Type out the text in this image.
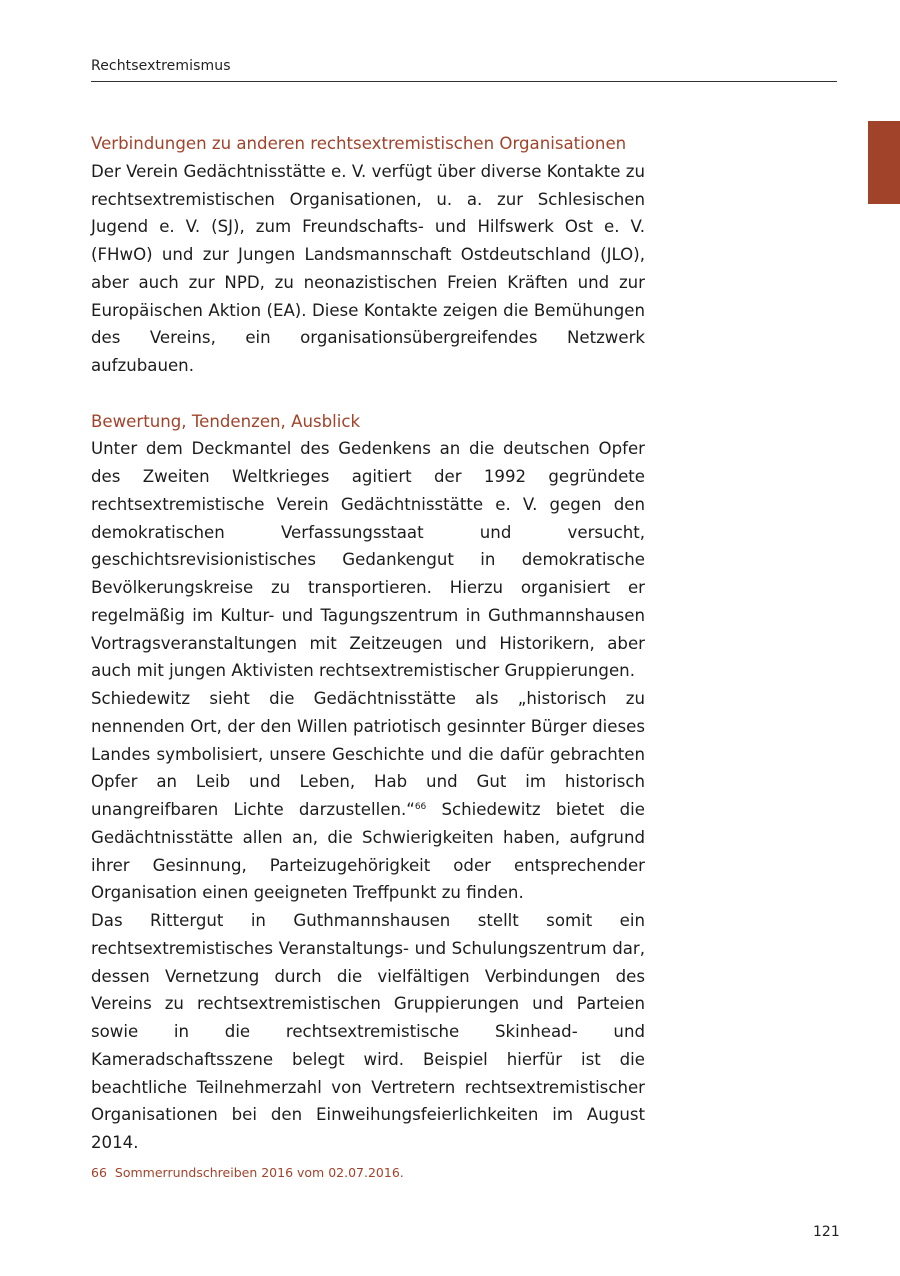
Rechtsextremismus
Verbindungen zu anderen rechtsextremistischen Organisationen

Der Verein Gedächtnisstätte e. V. verfügt über diverse Kontakte zu rechtsextremistischen Organisationen, u. a. zur Schlesischen Jugend e. V. (SJ), zum Freundschafts- und Hilfswerk Ost e. V. (FHwO) und zur Jungen Landsmannschaft Ostdeutschland (JLO), aber auch zur NPD, zu neonazistischen Freien Kräften und zur Europäischen Aktion (EA). Diese Kontakte zeigen die Bemühungen des Vereins, ein organisationsübergreifendes Netzwerk aufzubauen.

Bewertung, Tendenzen, Ausblick

Unter dem Deckmantel des Gedenkens an die deutschen Opfer des Zweiten Weltkrieges agitiert der 1992 gegründete rechtsextremistische Verein Gedächtnisstätte e. V. gegen den demokratischen Verfassungsstaat und versucht, geschichtsrevisionistisches Gedankengut in demokratische Bevölkerungskreise zu transportieren. Hierzu organisiert er regelmäßig im Kultur- und Tagungszentrum in Guthmannshausen Vortragsveranstaltungen mit Zeitzeugen und Historikern, aber auch mit jungen Aktivisten rechtsextremistischer Gruppierungen.

Schiedewitz sieht die Gedächtnisstätte als „historisch zu nennenden Ort, der den Willen patriotisch gesinnter Bürger dieses Landes symbolisiert, unsere Geschichte und die dafür gebrachten Opfer an Leib und Leben, Hab und Gut im historisch unangreifbaren Lichte darzustellen.“$^{66}$ Schiedewitz bietet die Gedächtnisstätte allen an, die Schwierigkeiten haben, aufgrund ihrer Gesinnung, Parteizugehörigkeit oder entsprechender Organisation einen geeigneten Treffpunkt zu finden.

Das Rittergut in Guthmannshausen stellt somit ein rechtsextremistisches Veranstaltungs- und Schulungszentrum dar, dessen Vernetzung durch die vielfältigen Verbindungen des Vereins zu rechtsextremistischen Gruppierungen und Parteien sowie in die rechtsextremistische Skinhead- und Kameradschaftsszene belegt wird. Beispiel hierfür ist die beachtliche Teilnehmerzahl von Vertretern rechtsextremistischer Organisationen bei den Einweihungsfeierlichkeiten im August 2014.

66 Sommerrundschreiben 2016 vom 02.07.2016.
121
